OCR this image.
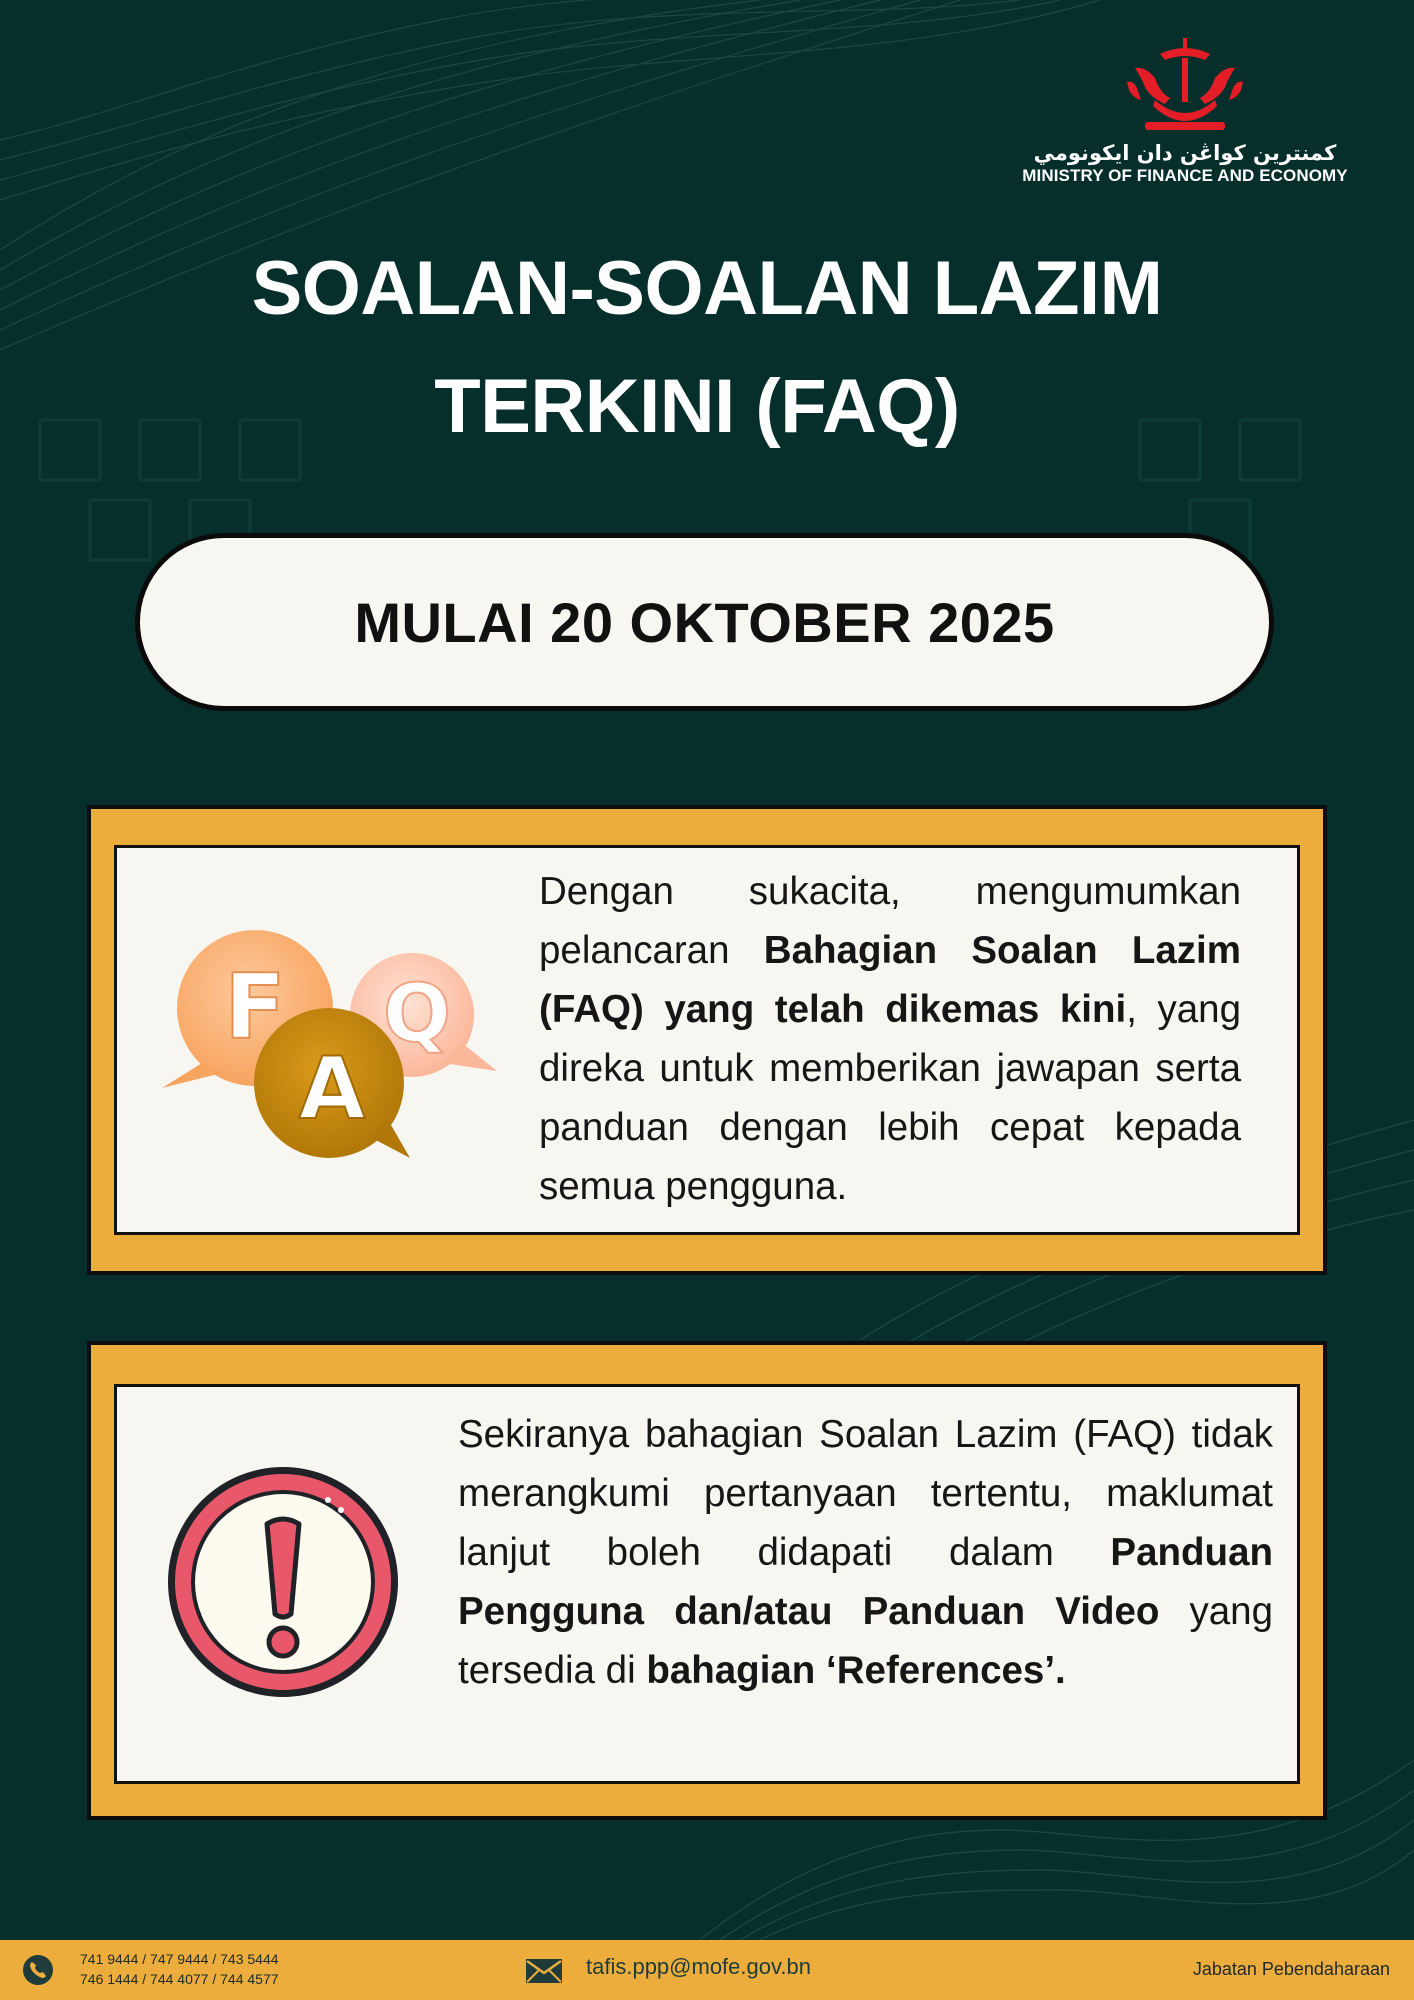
كمنترين كواڠن دان ايكونومي
MINISTRY OF FINANCE AND ECONOMY
SOALAN-SOALAN LAZIM
TERKINI (FAQ)
MULAI 20 OKTOBER 2025
F Q
A
Dengan sukacita, mengumumkan pelancaran Bahagian Soalan Lazim (FAQ) yang telah dikemas kini, yang direka untuk memberikan jawapan serta panduan dengan lebih cepat kepada semua pengguna.
Sekiranya bahagian Soalan Lazim (FAQ) tidak merangkumi pertanyaan tertentu, maklumat lanjut boleh didapati dalam Panduan Pengguna dan/atau Panduan Video yang tersedia di bahagian ‘References’.
741 9444 / 747 9444 / 743 5444
746 1444 / 744 4077 / 744 4577	tafis.ppp@mofe.gov.bn	Jabatan Pebendaharaan
